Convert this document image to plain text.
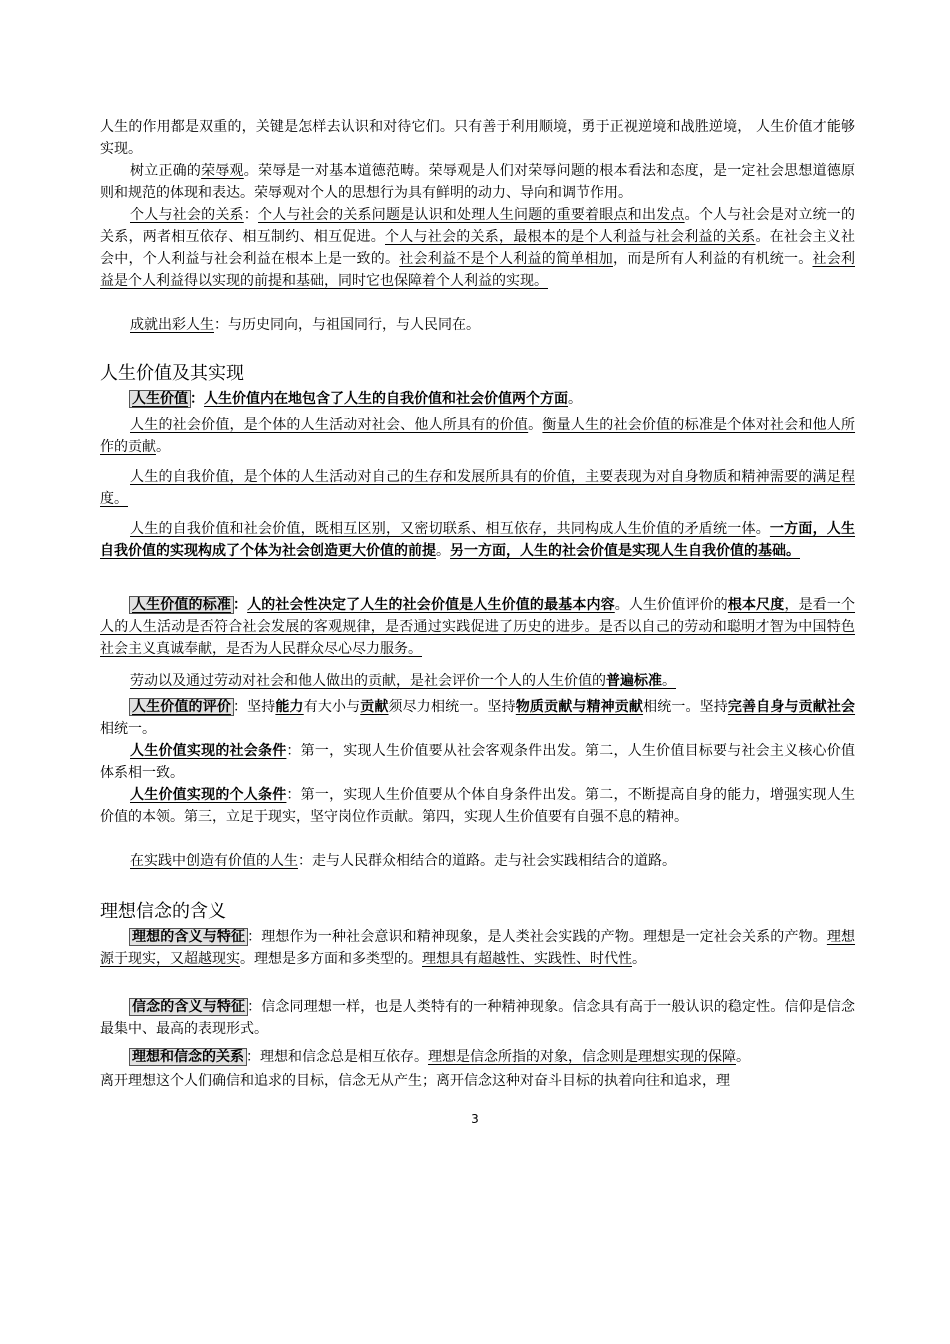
人生的作用都是双重的，关键是怎样去认识和对待它们。只有善于利用顺境，勇于正视逆境和战胜逆境， 人生价值才能够实现。
树立正确的荣辱观。荣辱是一对基本道德范畴。荣辱观是人们对荣辱问题的根本看法和态度，是一定社会思想道德原则和规范的体现和表达。荣辱观对个人的思想行为具有鲜明的动力、导向和调节作用。
个人与社会的关系：个人与社会的关系问题是认识和处理人生问题的重要着眼点和出发点。个人与社会是对立统一的关系，两者相互依存、相互制约、相互促进。个人与社会的关系，最根本的是个人利益与社会利益的关系。在社会主义社会中，个人利益与社会利益在根本上是一致的。社会利益不是个人利益的简单相加，而是所有人利益的有机统一。社会利益是个人利益得以实现的前提和基础，同时它也保障着个人利益的实现。
成就出彩人生：与历史同向，与祖国同行，与人民同在。
人生价值及其实现
人生价值 ：人生价值内在地包含了人生的自我价值和社会价值两个方面。
人生的社会价值，是个体的人生活动对社会、他人所具有的价值。衡量人生的社会价值的标准是个体对社会和他人所作的贡献。
人生的自我价值，是个体的人生活动对自己的生存和发展所具有的价值，主要表现为对自身物质和精神需要的满足程度。
人生的自我价值和社会价值，既相互区别，又密切联系、相互依存，共同构成人生价值的矛盾统一体。一方面，人生自我价值的实现构成了个体为社会创造更大价值的前提。另一方面，人生的社会价值是实现人生自我价值的基础。
人生价值的标准 ：人的社会性决定了人生的社会价值是人生价值的最基本内容。人生价值评价的根本尺度，是看一个人的人生活动是否符合社会发展的客观规律，是否通过实践促进了历史的进步。是否以自己的劳动和聪明才智为中国特色社会主义真诚奉献，是否为人民群众尽心尽力服务。
劳动以及通过劳动对社会和他人做出的贡献，是社会评价一个人的人生价值的普遍标准。
人生价值的评价 ：坚持能力有大小与贡献须尽力相统一。坚持物质贡献与精神贡献相统一。坚持完善自身与贡献社会相统一。
人生价值实现的社会条件：第一，实现人生价值要从社会客观条件出发。第二，人生价值目标要与社会主义核心价值体系相一致。
人生价值实现的个人条件：第一，实现人生价值要从个体自身条件出发。第二，不断提高自身的能力，增强实现人生价值的本领。第三，立足于现实，坚守岗位作贡献。第四，实现人生价值要有自强不息的精神。
在实践中创造有价值的人生：走与人民群众相结合的道路。走与社会实践相结合的道路。
理想信念的含义
理想的含义与特征 ：理想作为一种社会意识和精神现象，是人类社会实践的产物。理想是一定社会关系的产物。理想源于现实，又超越现实。理想是多方面和多类型的。理想具有超越性、实践性、时代性。
信念的含义与特征 ：信念同理想一样，也是人类特有的一种精神现象。信念具有高于一般认识的稳定性。信仰是信念最集中、最高的表现形式。
理想和信念的关系 ：理想和信念总是相互依存。理想是信念所指的对象，信念则是理想实现的保障。
离开理想这个人们确信和追求的目标，信念无从产生；离开信念这种对奋斗目标的执着向往和追求，理
3
